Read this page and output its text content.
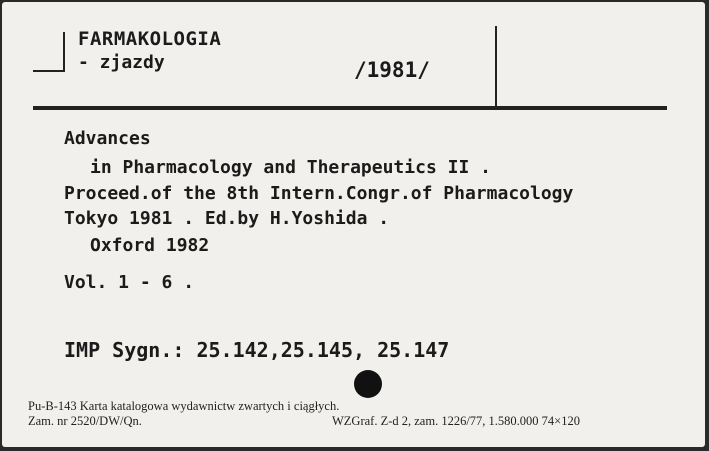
FARMAKOLOGIA
- zjazdy	/1981/
Advances
in Pharmacology and Therapeutics II .
Proceed.of the 8th Intern.Congr.of Pharmacology
Tokyo 1981 . Ed.by H.Yoshida .
Oxford 1982
Vol. 1 - 6 .
IMP Sygn.: 25.142,25.145, 25.147
Pu-B-143 Karta katalogowa wydawnictw zwartych i ciągłych.
Zam. nr 2520/DW/Qn.	WZGraf. Z-d 2, zam. 1226/77, 1.580.000 74×120
